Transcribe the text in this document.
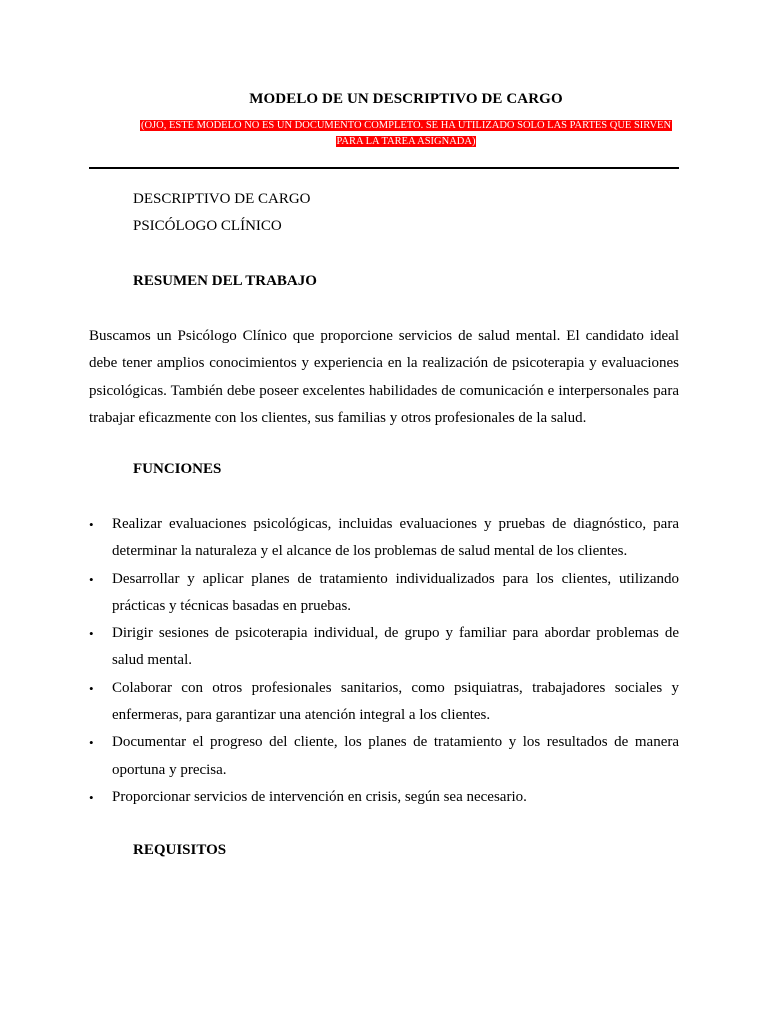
MODELO DE UN DESCRIPTIVO DE CARGO
(OJO, ESTE MODELO NO ES UN DOCUMENTO COMPLETO. SE HA UTILIZADO SOLO LAS PARTES QUE SIRVEN PARA LA TAREA ASIGNADA)
DESCRIPTIVO DE CARGO
PSICÓLOGO CLÍNICO
RESUMEN DEL TRABAJO
Buscamos un Psicólogo Clínico que proporcione servicios de salud mental. El candidato ideal debe tener amplios conocimientos y experiencia en la realización de psicoterapia y evaluaciones psicológicas. También debe poseer excelentes habilidades de comunicación e interpersonales para trabajar eficazmente con los clientes, sus familias y otros profesionales de la salud.
FUNCIONES
• Realizar evaluaciones psicológicas, incluidas evaluaciones y pruebas de diagnóstico, para determinar la naturaleza y el alcance de los problemas de salud mental de los clientes.
• Desarrollar y aplicar planes de tratamiento individualizados para los clientes, utilizando prácticas y técnicas basadas en pruebas.
• Dirigir sesiones de psicoterapia individual, de grupo y familiar para abordar problemas de salud mental.
• Colaborar con otros profesionales sanitarios, como psiquiatras, trabajadores sociales y enfermeras, para garantizar una atención integral a los clientes.
• Documentar el progreso del cliente, los planes de tratamiento y los resultados de manera oportuna y precisa.
• Proporcionar servicios de intervención en crisis, según sea necesario.
REQUISITOS
